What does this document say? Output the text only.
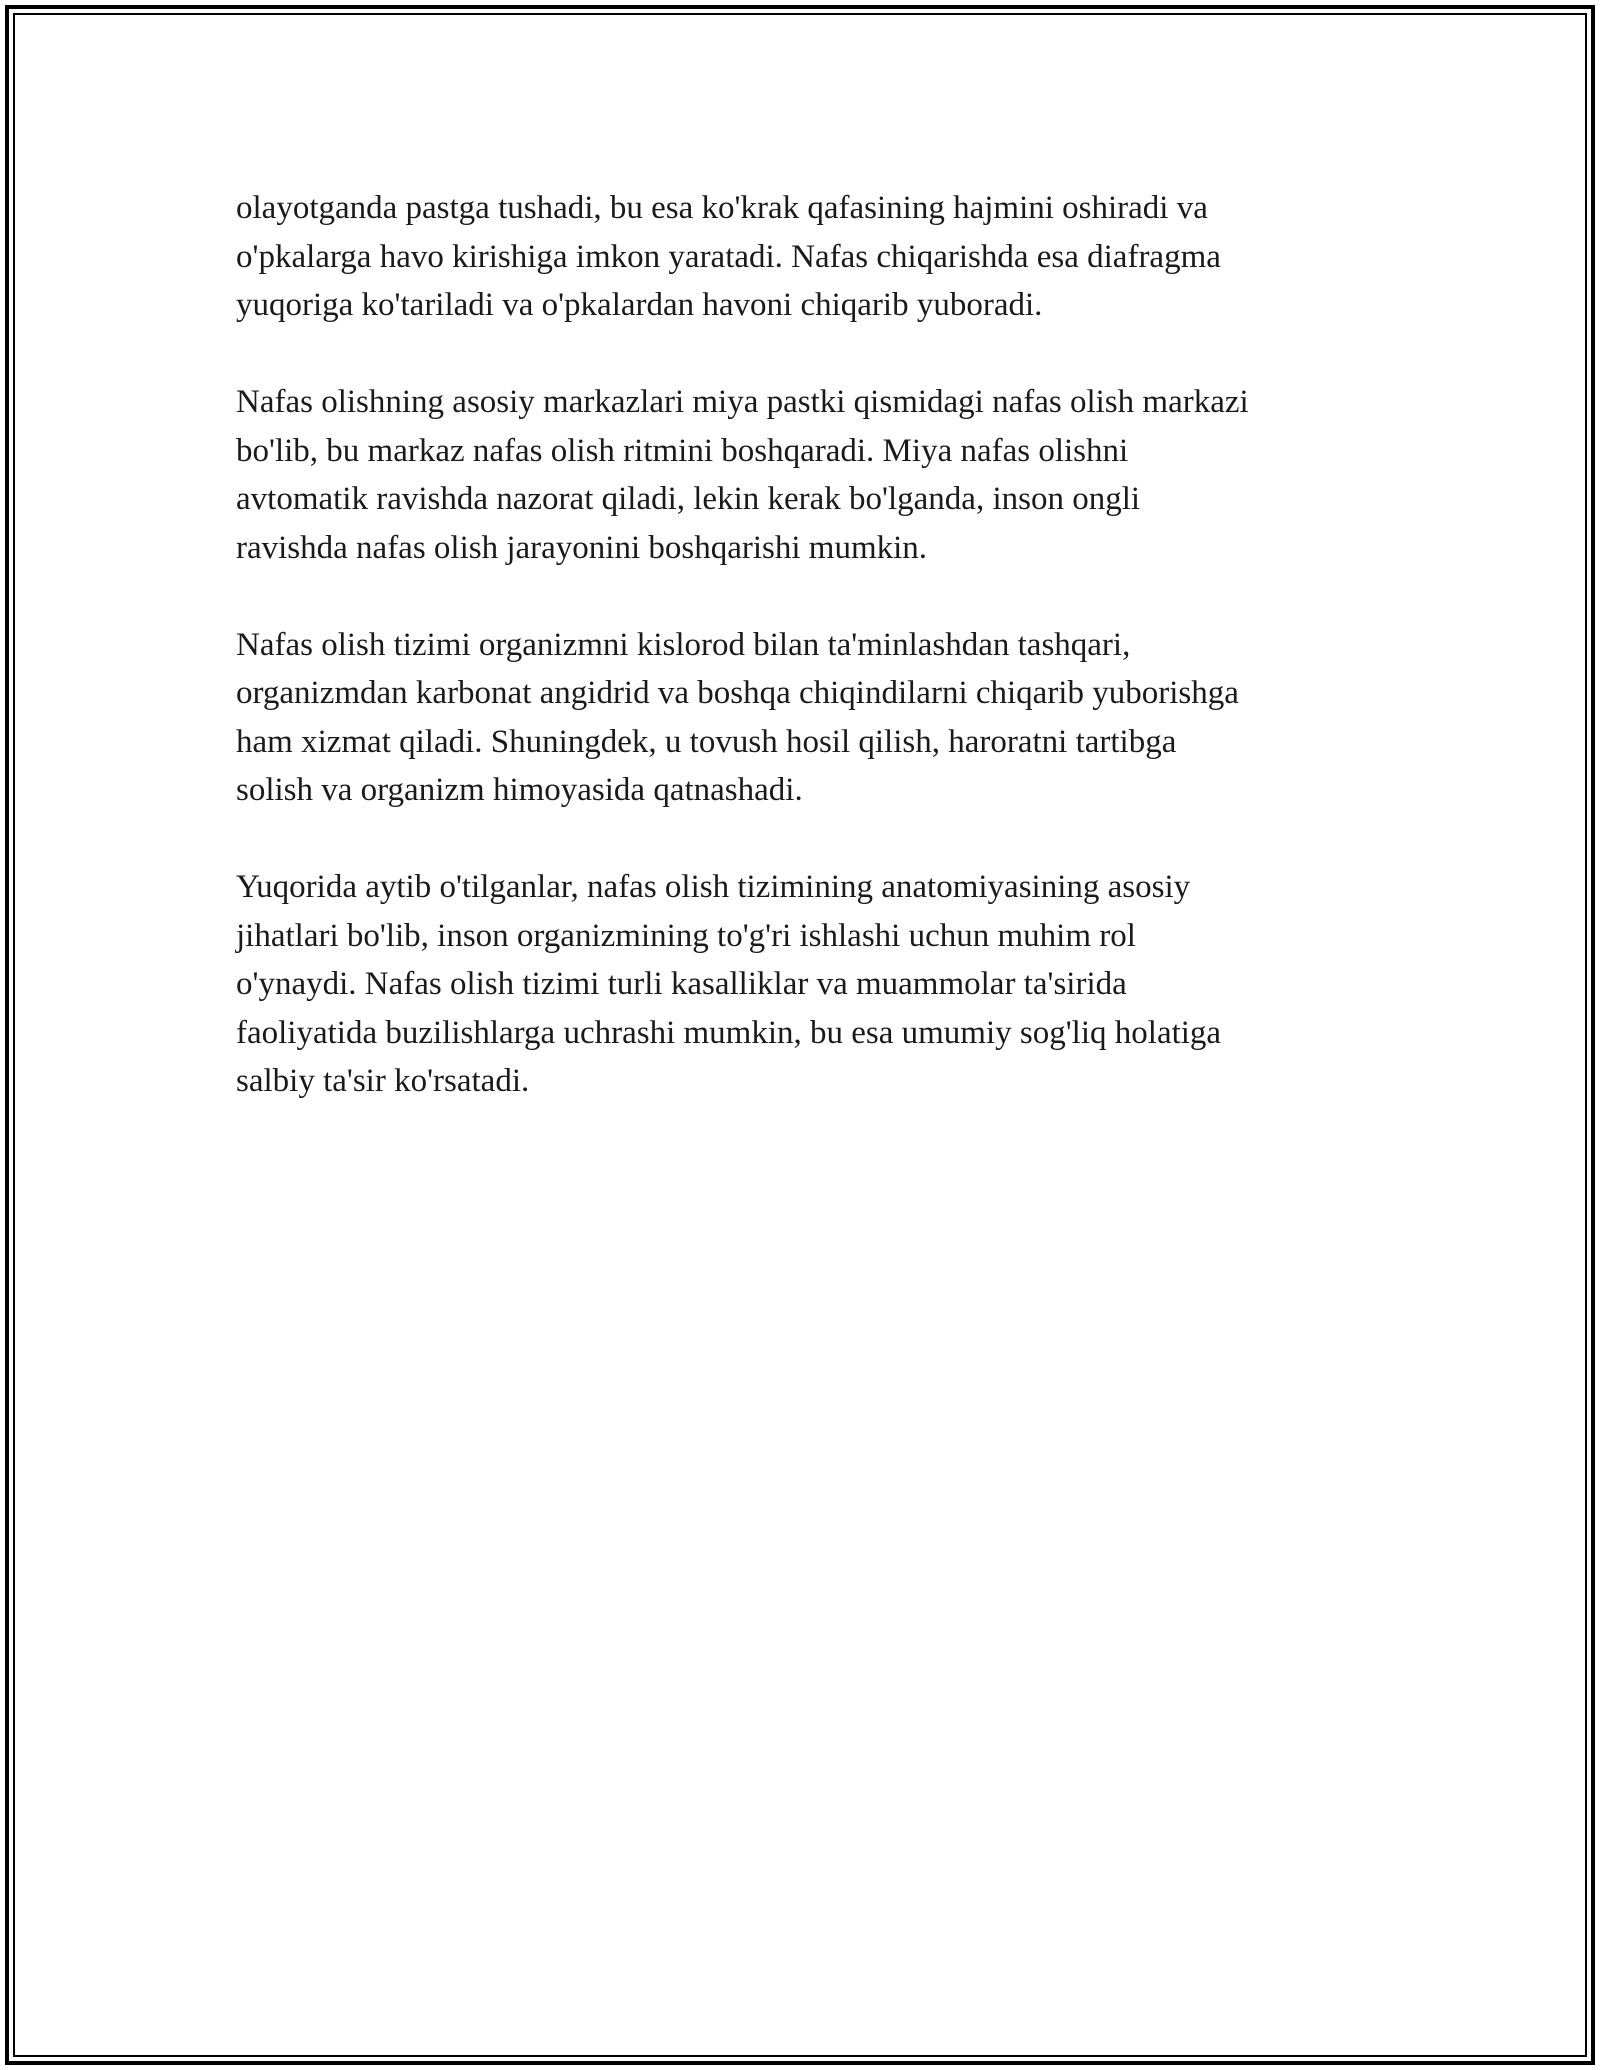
olayotganda pastga tushadi, bu esa ko'krak qafasining hajmini oshiradi va
o'pkalarga havo kirishiga imkon yaratadi. Nafas chiqarishda esa diafragma
yuqoriga ko'tariladi va o'pkalardan havoni chiqarib yuboradi.

Nafas olishning asosiy markazlari miya pastki qismidagi nafas olish markazi
bo'lib, bu markaz nafas olish ritmini boshqaradi. Miya nafas olishni
avtomatik ravishda nazorat qiladi, lekin kerak bo'lganda, inson ongli
ravishda nafas olish jarayonini boshqarishi mumkin.

Nafas olish tizimi organizmni kislorod bilan ta'minlashdan tashqari,
organizmdan karbonat angidrid va boshqa chiqindilarni chiqarib yuborishga
ham xizmat qiladi. Shuningdek, u tovush hosil qilish, haroratni tartibga
solish va organizm himoyasida qatnashadi.

Yuqorida aytib o'tilganlar, nafas olish tizimining anatomiyasining asosiy
jihatlari bo'lib, inson organizmining to'g'ri ishlashi uchun muhim rol
o'ynaydi. Nafas olish tizimi turli kasalliklar va muammolar ta'sirida
faoliyatida buzilishlarga uchrashi mumkin, bu esa umumiy sog'liq holatiga
salbiy ta'sir ko'rsatadi.
